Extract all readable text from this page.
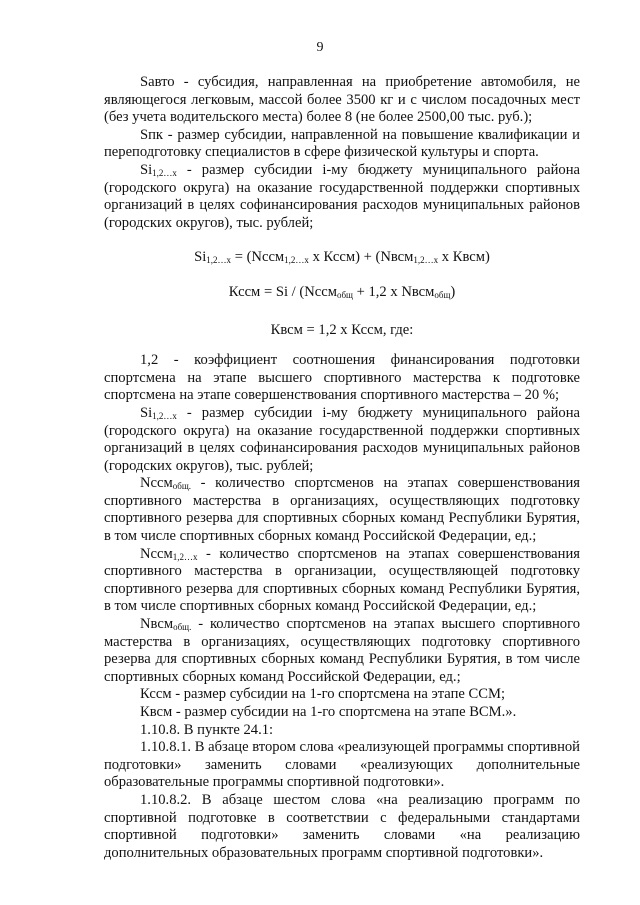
9

Sавто - субсидия, направленная на приобретение автомобиля, не являющегося легковым, массой более 3500 кг и с числом посадочных мест (без учета водительского места) более 8 (не более 2500,00 тыс. руб.);

Sпк - размер субсидии, направленной на повышение квалификации и переподготовку специалистов в сфере физической культуры и спорта.

$Si_{1,2\dots x}$ - размер субсидии i-му бюджету муниципального района (городского округа) на оказание государственной поддержки спортивных организаций в целях софинансирования расходов муниципальных районов (городских округов), тыс. рублей;

$Si_{1,2\dots x}$ = (Nссм$_{1,2\dots x}$ х Кссм) + (Nвсм$_{1,2\dots x}$ х Квсм)

Кссм = Si / (Nссм$_{общ}$ + 1,2 х Nвсм$_{общ}$)

Квсм = 1,2 х Кссм, где:

1,2 - коэффициент соотношения финансирования подготовки спортсмена на этапе высшего спортивного мастерства к подготовке спортсмена на этапе совершенствования спортивного мастерства – 20 %;

$Si_{1,2\dots x}$ - размер субсидии i-му бюджету муниципального района (городского округа) на оказание государственной поддержки спортивных организаций в целях софинансирования расходов муниципальных районов (городских округов), тыс. рублей;

Nссм$_{общ.}$ - количество спортсменов на этапах совершенствования спортивного мастерства в организациях, осуществляющих подготовку спортивного резерва для спортивных сборных команд Республики Бурятия, в том числе спортивных сборных команд Российской Федерации, ед.;

Nссм$_{1,2\dots x}$ - количество спортсменов на этапах совершенствования спортивного мастерства в организации, осуществляющей подготовку спортивного резерва для спортивных сборных команд Республики Бурятия, в том числе спортивных сборных команд Российской Федерации, ед.;

Nвсм$_{общ.}$ - количество спортсменов на этапах высшего спортивного мастерства в организациях, осуществляющих подготовку спортивного резерва для спортивных сборных команд Республики Бурятия, в том числе спортивных сборных команд Российской Федерации, ед.;

Кссм - размер субсидии на 1-го спортсмена на этапе ССМ;

Квсм - размер субсидии на 1-го спортсмена на этапе ВСМ.».

1.10.8. В пункте 24.1:

1.10.8.1. В абзаце втором слова «реализующей программы спортивной подготовки» заменить словами «реализующих дополнительные образовательные программы спортивной подготовки».

1.10.8.2. В абзаце шестом слова «на реализацию программ по спортивной подготовке в соответствии с федеральными стандартами спортивной подготовки» заменить словами «на реализацию дополнительных образовательных программ спортивной подготовки».
